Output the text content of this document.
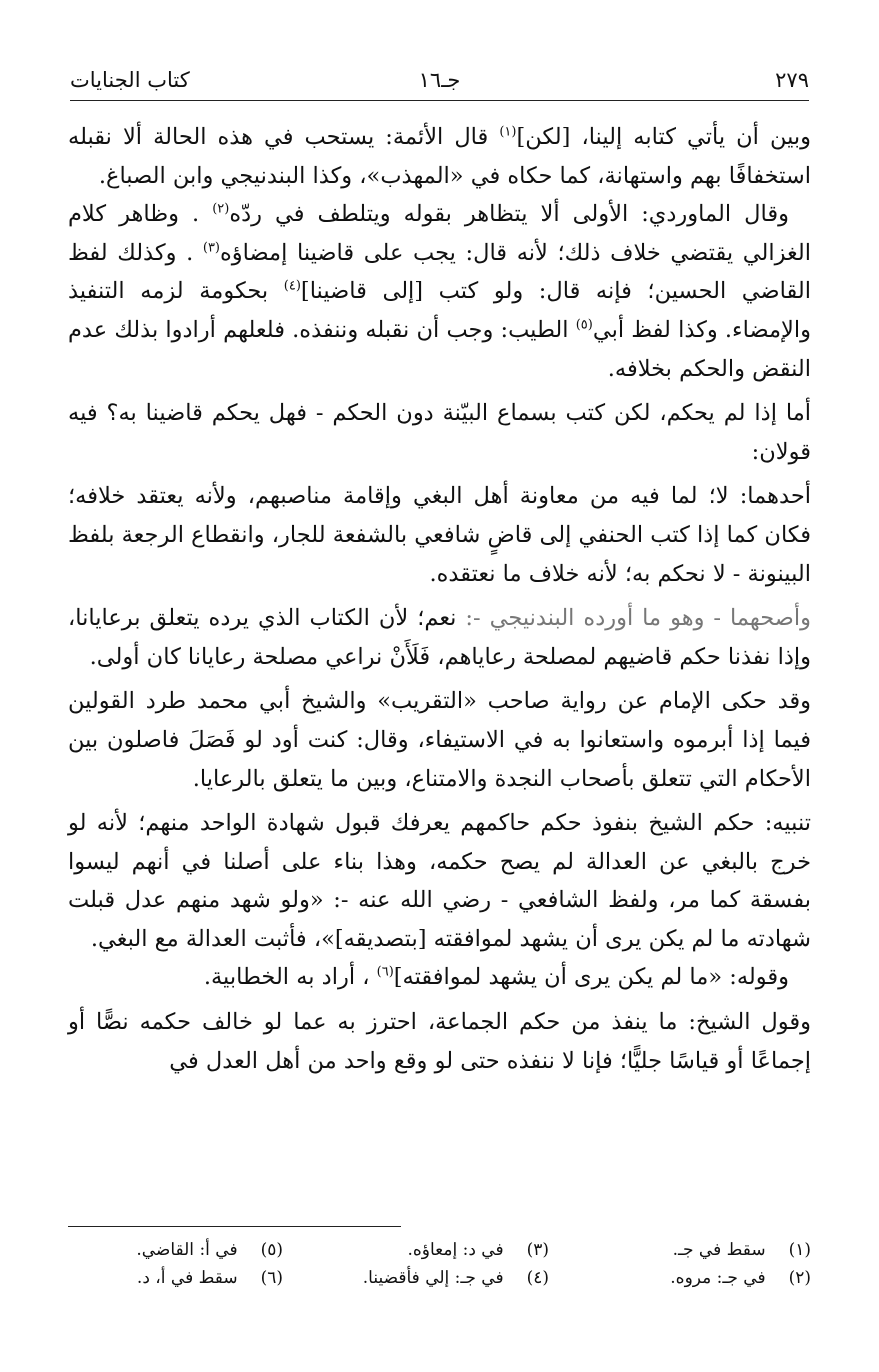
٢٧٩
جـ١٦
كتاب الجنايات

وبين أن يأتي كتابه إلينا، [لكن]$^{(١)}$ قال الأئمة: يستحب في هذه الحالة ألا نقبله استخفافًا بهم واستهانة، كما حكاه في «المهذب»، وكذا البندنيجي وابن الصباغ.

وقال الماوردي: الأولى ألا يتظاهر بقوله ويتلطف في ردّه$^{(٢)}$ . وظاهر كلام الغزالي يقتضي خلاف ذلك؛ لأنه قال: يجب على قاضينا إمضاؤه$^{(٣)}$ . وكذلك لفظ القاضي الحسين؛ فإنه قال: ولو كتب [إلى قاضينا]$^{(٤)}$ بحكومة لزمه التنفيذ والإمضاء. وكذا لفظ أبي$^{(٥)}$ الطيب: وجب أن نقبله وننفذه. فلعلهم أرادوا بذلك عدم النقض والحكم بخلافه.

أما إذا لم يحكم، لكن كتب بسماع البيّنة دون الحكم - فهل يحكم قاضينا به؟ فيه قولان:

أحدهما: لا؛ لما فيه من معاونة أهل البغي وإقامة مناصبهم، ولأنه يعتقد خلافه؛ فكان كما إذا كتب الحنفي إلى قاضٍ شافعي بالشفعة للجار، وانقطاع الرجعة بلفظ البينونة - لا نحكم به؛ لأنه خلاف ما نعتقده.

وأصحهما - وهو ما أورده البندنيجي -: نعم؛ لأن الكتاب الذي يرده يتعلق برعايانا، وإذا نفذنا حكم قاضيهم لمصلحة رعاياهم، فَلَأَنْ نراعي مصلحة رعايانا كان أولى.

وقد حكى الإمام عن رواية صاحب «التقريب» والشيخ أبي محمد طرد القولين فيما إذا أبرموه واستعانوا به في الاستيفاء، وقال: كنت أود لو فَصَلَ فاصلون بين الأحكام التي تتعلق بأصحاب النجدة والامتناع، وبين ما يتعلق بالرعايا.

تنبيه: حكم الشيخ بنفوذ حكم حاكمهم يعرفك قبول شهادة الواحد منهم؛ لأنه لو خرج بالبغي عن العدالة لم يصح حكمه، وهذا بناء على أصلنا في أنهم ليسوا بفسقة كما مر، ولفظ الشافعي - رضي الله عنه -: «ولو شهد منهم عدل قبلت شهادته ما لم يكن يرى أن يشهد لموافقته [بتصديقه]»، فأثبت العدالة مع البغي.

وقوله: «ما لم يكن يرى أن يشهد لموافقته]$^{(٦)}$ ، أراد به الخطابية.

وقول الشيخ: ما ينفذ من حكم الجماعة، احترز به عما لو خالف حكمه نصًّا أو إجماعًا أو قياسًا جليًّا؛ فإنا لا ننفذه حتى لو وقع واحد من أهل العدل في

(١) سقط في جـ.
(٢) في جـ: مروه.
(٣) في د: إمعاؤه.
(٤) في جـ: إلي فأقضينا.
(٥) في أ: القاضي.
(٦) سقط في أ، د.
